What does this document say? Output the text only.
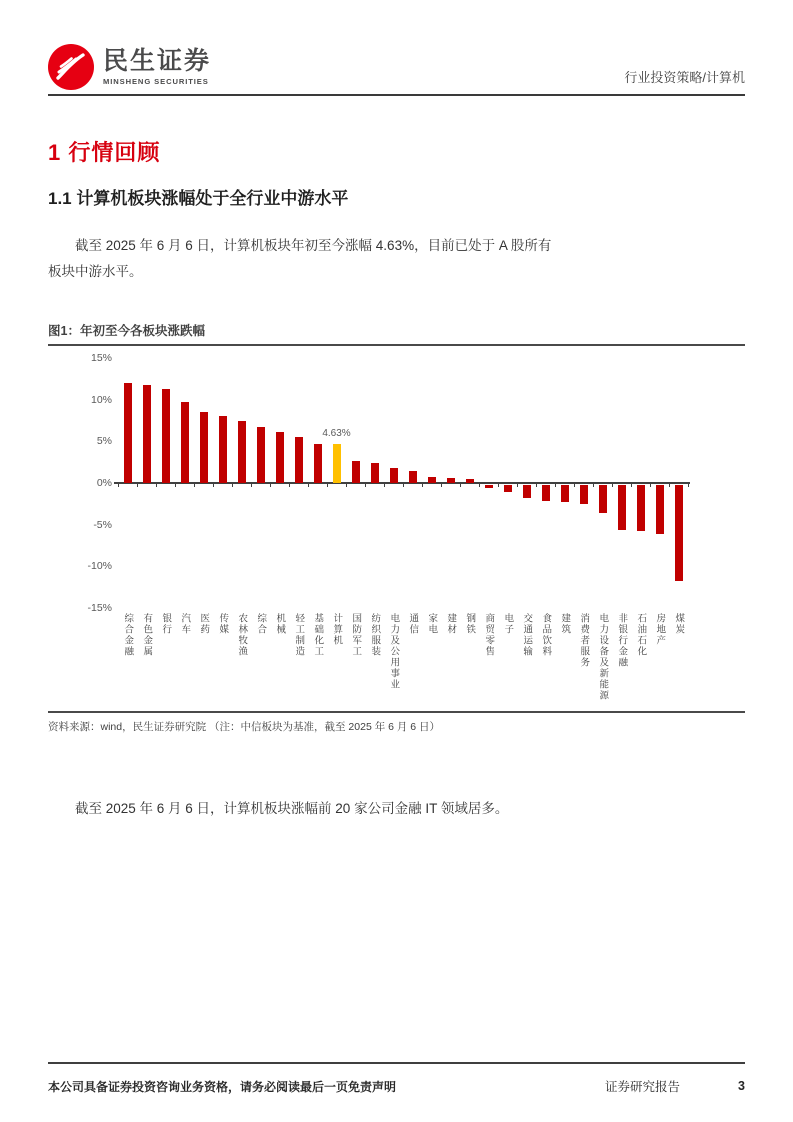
民生证券
MINSHENG SECURITIES	行业投资策略/计算机
1 行情回顾
1.1 计算机板块涨幅处于全行业中游水平
截至 2025 年 6 月 6 日，计算机板块年初至今涨幅 4.63%，目前已处于 A 股所有板块中游水平。
图1：年初至今各板块涨跌幅
15%
10%
5%
0%
-5%
-10%
-15%
4.63%
综合金融 有色金属 银行 汽车 医药 传媒 农林牧渔 综合 机械 轻工制造 基础化工 计算机 国防军工 纺织服装 电力及公用事业 通信 家电 建材 钢铁 商贸零售 电子 交通运输 食品饮料 建筑 消费者服务 电力设备及新能源 非银行金融 石油石化 房地产 煤炭
资料来源：wind，民生证券研究院 （注：中信板块为基准，截至 2025 年 6 月 6 日）
截至 2025 年 6 月 6 日，计算机板块涨幅前 20 家公司金融 IT 领域居多。
本公司具备证券投资咨询业务资格，请务必阅读最后一页免责声明	证券研究报告	3
